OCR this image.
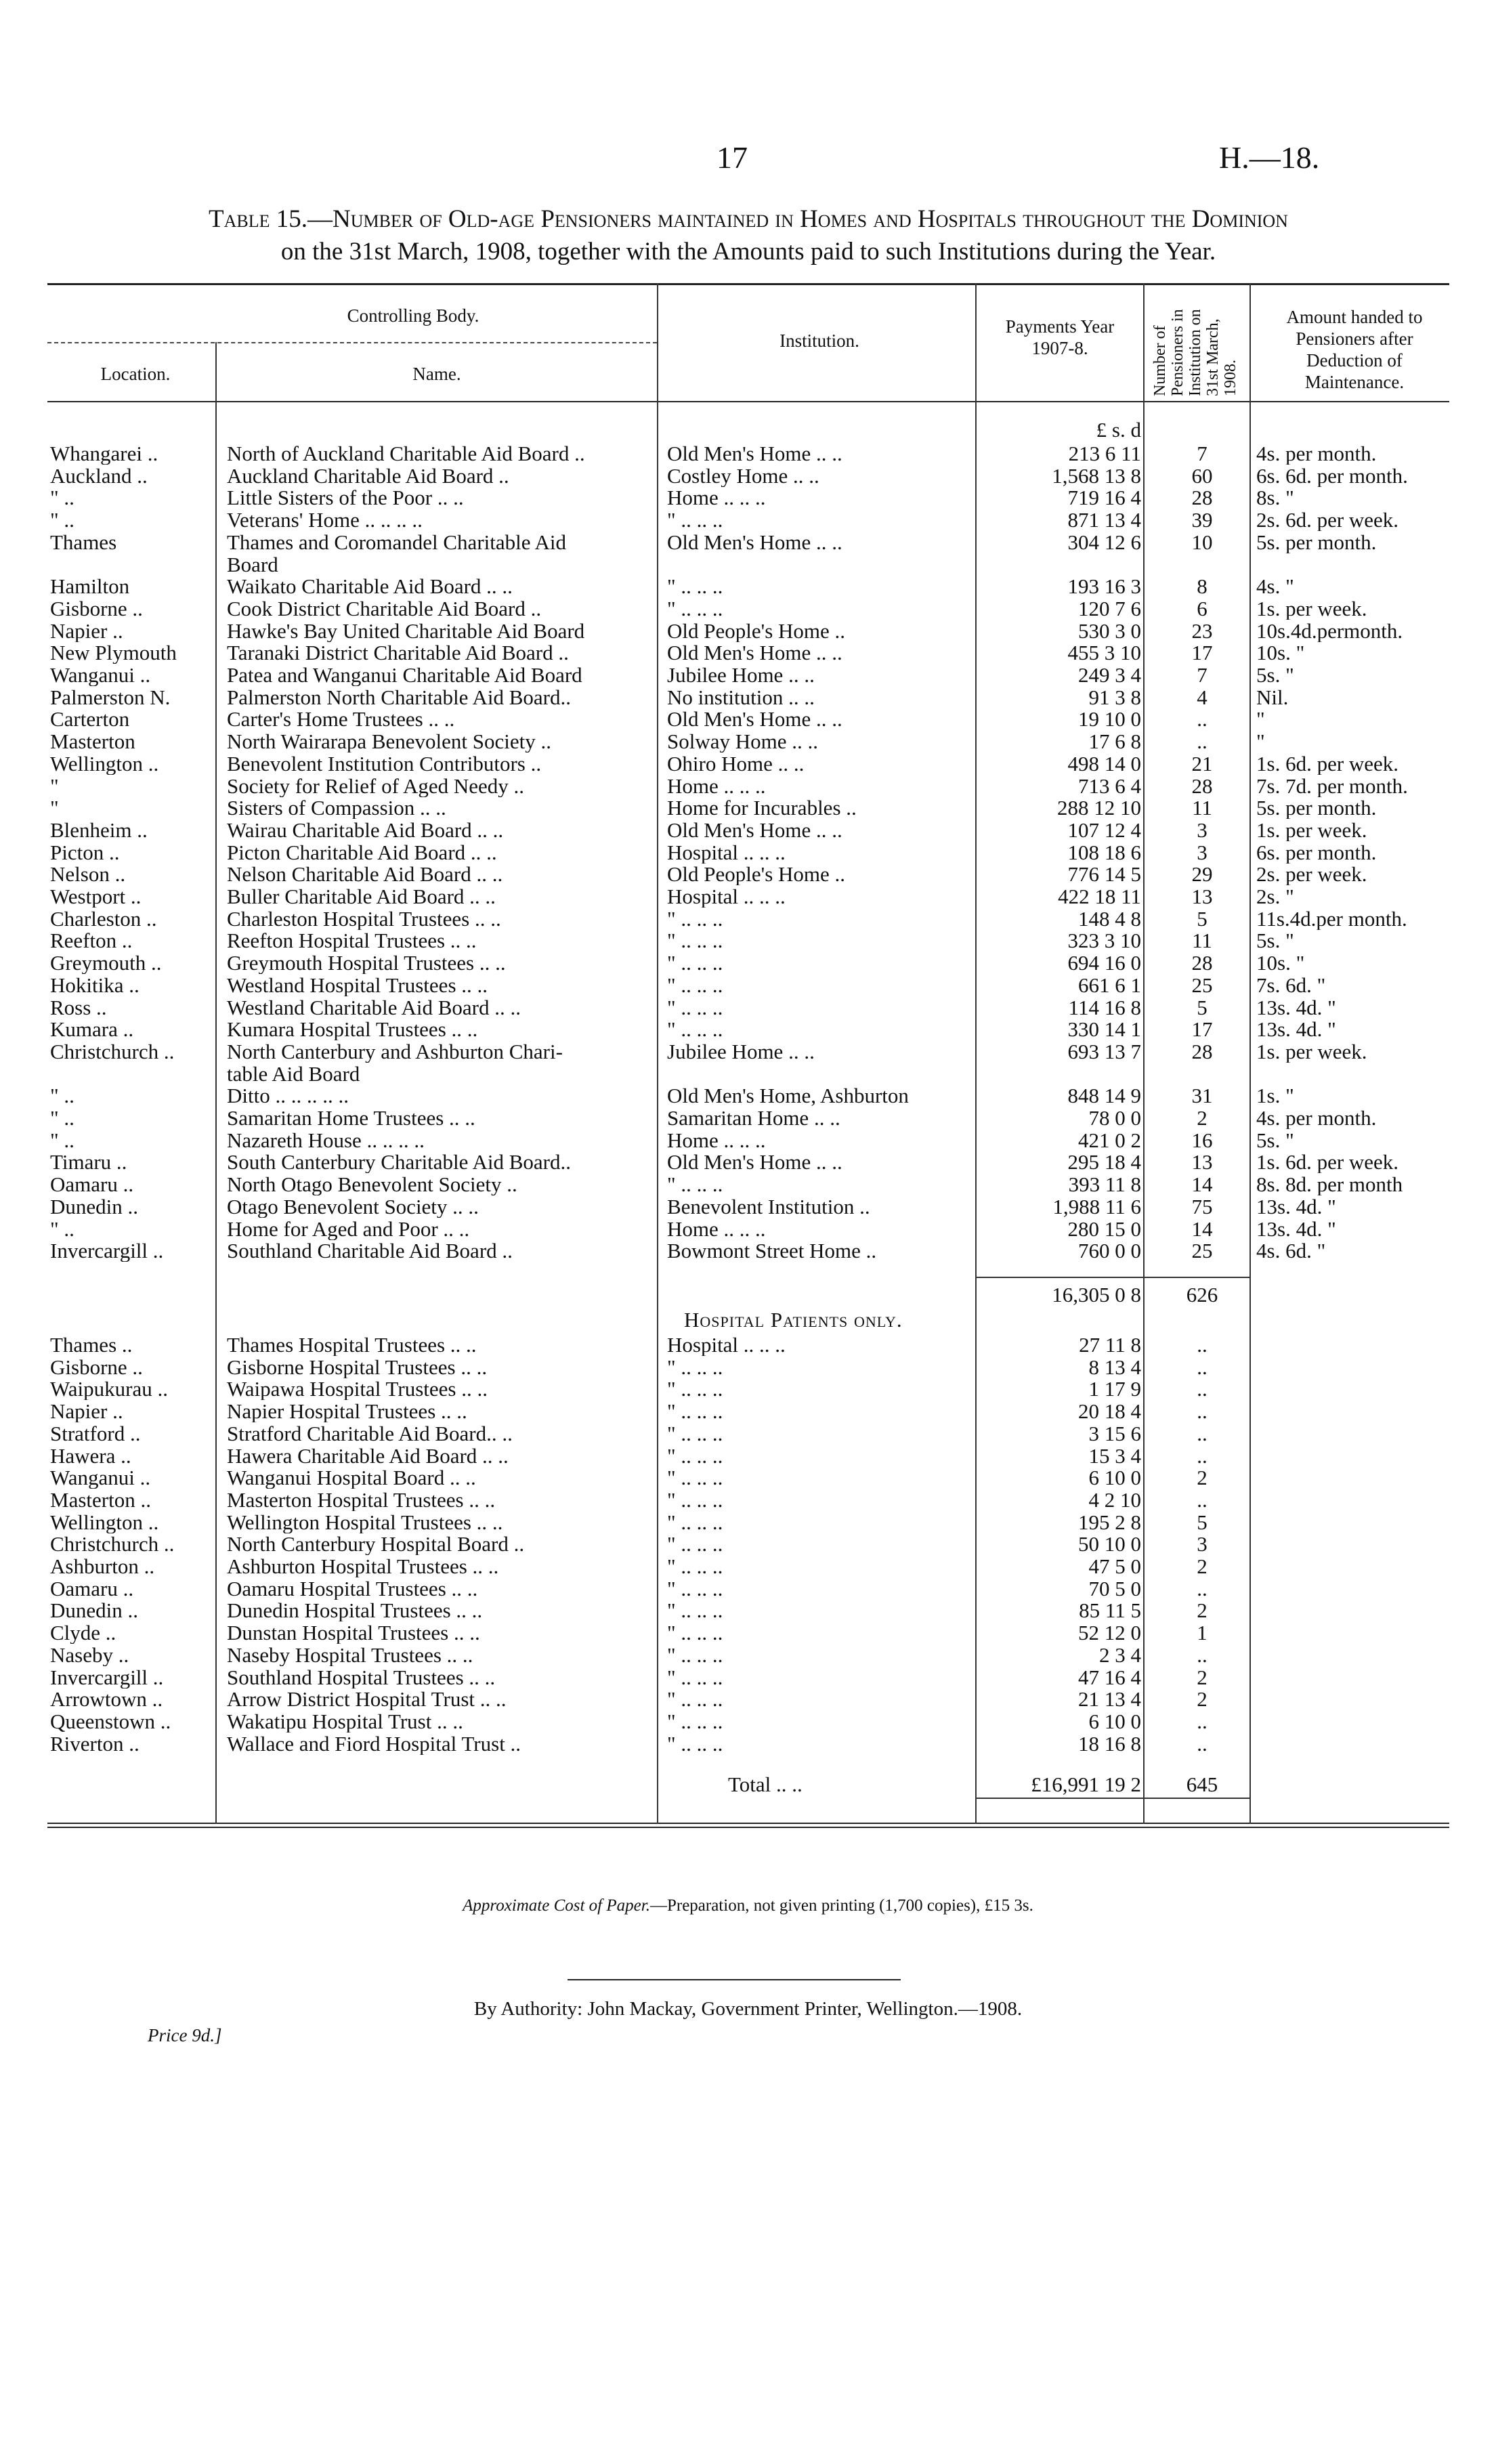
17	H.—18.
Table 15.—Number of Old-age Pensioners maintained in Homes and Hospitals throughout the Dominion
on the 31st March, 1908, together with the Amounts paid to such Institutions during the Year.
Controlling Body.
Location.	Name.
Institution.
Payments Year 1907-8.	Number of Pensioners in Institution on 31st March, 1908.
Amount handed to Pensioners after Deduction of Maintenance.
£ s. d
Whangarei ..	North of Auckland Charitable Aid Board ..	Old Men's Home .. ..	213 6 11	7	4s. per month.
Auckland ..	Auckland Charitable Aid Board ..	Costley Home .. ..	1,568 13 8	60	6s. 6d. per month.
" ..	Little Sisters of the Poor .. ..	Home .. .. ..	719 16 4	28	8s. "
" ..	Veterans' Home .. .. .. ..	" .. .. ..	871 13 4	39	2s. 6d. per week.
Thames	Thames and Coromandel Charitable Aid	Old Men's Home .. ..	304 12 6	10	5s. per month.
Board
Hamilton	Waikato Charitable Aid Board .. ..	" .. .. ..	193 16 3	8	4s. "
Gisborne ..	Cook District Charitable Aid Board ..	" .. .. ..	120 7 6	6	1s. per week.
Napier ..	Hawke's Bay United Charitable Aid Board	Old People's Home ..	530 3 0	23	10s.4d.permonth.
New Plymouth	Taranaki District Charitable Aid Board ..	Old Men's Home .. ..	455 3 10	17	10s. "
Wanganui ..	Patea and Wanganui Charitable Aid Board	Jubilee Home .. ..	249 3 4	7	5s. "
Palmerston N.	Palmerston North Charitable Aid Board..	No institution .. ..	91 3 8	4	Nil.
Carterton	Carter's Home Trustees .. ..	Old Men's Home .. ..	19 10 0	..	"
Masterton	North Wairarapa Benevolent Society ..	Solway Home .. ..	17 6 8	..	"
Wellington ..	Benevolent Institution Contributors ..	Ohiro Home .. ..	498 14 0	21	1s. 6d. per week.
"	Society for Relief of Aged Needy ..	Home .. .. ..	713 6 4	28	7s. 7d. per month.
"	Sisters of Compassion .. ..	Home for Incurables ..	288 12 10	11	5s. per month.
Blenheim ..	Wairau Charitable Aid Board .. ..	Old Men's Home .. ..	107 12 4	3	1s. per week.
Picton ..	Picton Charitable Aid Board .. ..	Hospital .. .. ..	108 18 6	3	6s. per month.
Nelson ..	Nelson Charitable Aid Board .. ..	Old People's Home ..	776 14 5	29	2s. per week.
Westport ..	Buller Charitable Aid Board .. ..	Hospital .. .. ..	422 18 11	13	2s. "
Charleston ..	Charleston Hospital Trustees .. ..	" .. .. ..	148 4 8	5	11s.4d.per month.
Reefton ..	Reefton Hospital Trustees .. ..	" .. .. ..	323 3 10	11	5s. "
Greymouth ..	Greymouth Hospital Trustees .. ..	" .. .. ..	694 16 0	28	10s. "
Hokitika ..	Westland Hospital Trustees .. ..	" .. .. ..	661 6 1	25	7s. 6d. "
Ross ..	Westland Charitable Aid Board .. ..	" .. .. ..	114 16 8	5	13s. 4d. "
Kumara ..	Kumara Hospital Trustees .. ..	" .. .. ..	330 14 1	17	13s. 4d. "
Christchurch ..	North Canterbury and Ashburton Chari-	Jubilee Home .. ..	693 13 7	28	1s. per week.
table Aid Board
" ..	Ditto .. .. .. .. ..	Old Men's Home, Ashburton	848 14 9	31	1s. "
" ..	Samaritan Home Trustees .. ..	Samaritan Home .. ..	78 0 0	2	4s. per month.
" ..	Nazareth House .. .. .. ..	Home .. .. ..	421 0 2	16	5s. "
Timaru ..	South Canterbury Charitable Aid Board..	Old Men's Home .. ..	295 18 4	13	1s. 6d. per week.
Oamaru ..	North Otago Benevolent Society ..	" .. .. ..	393 11 8	14	8s. 8d. per month
Dunedin ..	Otago Benevolent Society .. ..	Benevolent Institution ..	1,988 11 6	75	13s. 4d. "
" ..	Home for Aged and Poor .. ..	Home .. .. ..	280 15 0	14	13s. 4d. "
Invercargill ..	Southland Charitable Aid Board ..	Bowmont Street Home ..	760 0 0	25	4s. 6d. "
16,305 0 8	626
Hospital Patients only.
Thames ..	Thames Hospital Trustees .. ..	Hospital .. .. ..	27 11 8	..
Gisborne ..	Gisborne Hospital Trustees .. ..	" .. .. ..	8 13 4	..
Waipukurau ..	Waipawa Hospital Trustees .. ..	" .. .. ..	1 17 9	..
Napier ..	Napier Hospital Trustees .. ..	" .. .. ..	20 18 4	..
Stratford ..	Stratford Charitable Aid Board.. ..	" .. .. ..	3 15 6	..
Hawera ..	Hawera Charitable Aid Board .. ..	" .. .. ..	15 3 4	..
Wanganui ..	Wanganui Hospital Board .. ..	" .. .. ..	6 10 0	2
Masterton ..	Masterton Hospital Trustees .. ..	" .. .. ..	4 2 10	..
Wellington ..	Wellington Hospital Trustees .. ..	" .. .. ..	195 2 8	5
Christchurch ..	North Canterbury Hospital Board ..	" .. .. ..	50 10 0	3
Ashburton ..	Ashburton Hospital Trustees .. ..	" .. .. ..	47 5 0	2
Oamaru ..	Oamaru Hospital Trustees .. ..	" .. .. ..	70 5 0	..
Dunedin ..	Dunedin Hospital Trustees .. ..	" .. .. ..	85 11 5	2
Clyde ..	Dunstan Hospital Trustees .. ..	" .. .. ..	52 12 0	1
Naseby ..	Naseby Hospital Trustees .. ..	" .. .. ..	2 3 4	..
Invercargill ..	Southland Hospital Trustees .. ..	" .. .. ..	47 16 4	2
Arrowtown ..	Arrow District Hospital Trust .. ..	" .. .. ..	21 13 4	2
Queenstown ..	Wakatipu Hospital Trust .. ..	" .. .. ..	6 10 0	..
Riverton ..	Wallace and Fiord Hospital Trust ..	" .. .. ..	18 16 8	..
Total .. ..	£16,991 19 2	645
Approximate Cost of Paper.—Preparation, not given printing (1,700 copies), £15 3s.
By Authority: John Mackay, Government Printer, Wellington.—1908.
Price 9d.]
